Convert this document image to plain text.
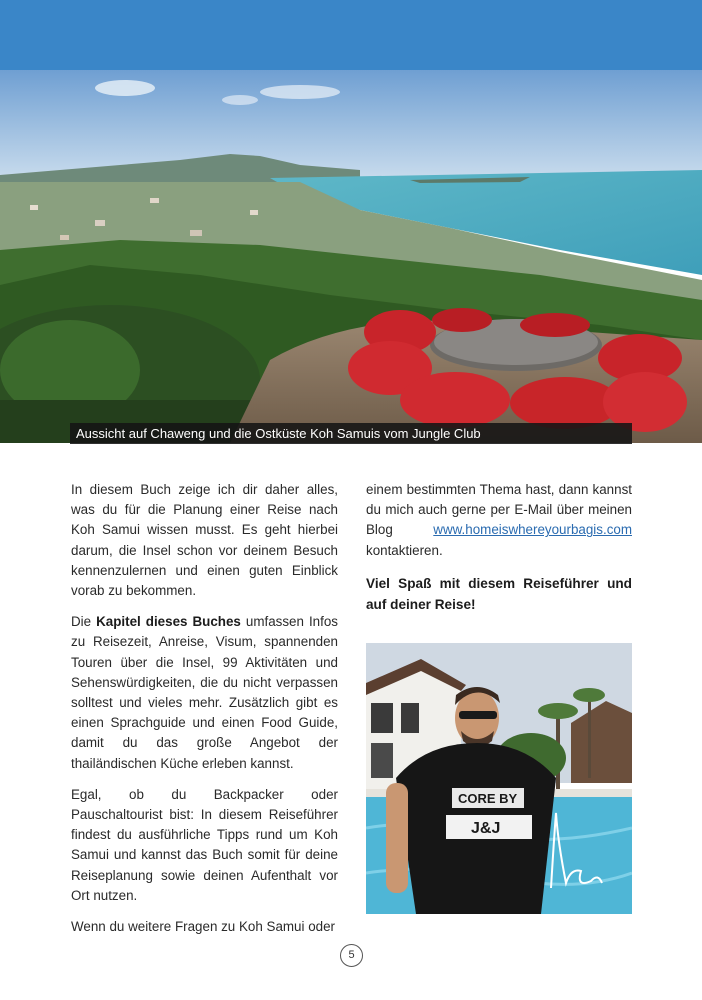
Aussicht auf Chaweng und die Ostküste Koh Samuis vom Jungle Club

In diesem Buch zeige ich dir daher alles, was du für die Planung einer Reise nach Koh Samui wissen musst. Es geht hierbei darum, die Insel schon vor deinem Besuch kennenzulernen und einen guten Einblick vorab zu bekommen.

Die Kapitel dieses Buches umfassen Infos zu Reisezeit, Anreise, Visum, spannenden Touren über die Insel, 99 Aktivitäten und Sehenswürdigkeiten, die du nicht verpassen solltest und vieles mehr. Zusätzlich gibt es einen Sprachguide und einen Food Guide, damit du das große Angebot der thailändischen Küche erleben kannst.

Egal, ob du Backpacker oder Pauschaltourist bist: In diesem Reiseführer findest du ausführliche Tipps rund um Koh Samui und kannst das Buch somit für deine Reiseplanung sowie deinen Aufenthalt vor Ort nutzen.

Wenn du weitere Fragen zu Koh Samui oder

einem bestimmten Thema hast, dann kannst du mich auch gerne per E-Mail über meinen Blog www.homeiswhereyourbagis.com kontaktieren.

Viel Spaß mit diesem Reiseführer und auf deiner Reise!

CORE BY
J&J
5
